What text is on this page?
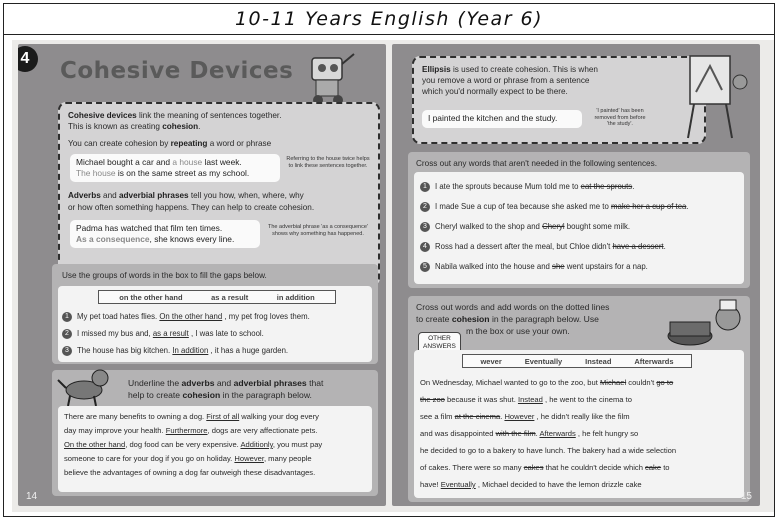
10-11 Years English (Year 6)
4	Cohesive Devices
Cohesive devices link the meaning of sentences together.
This is known as creating cohesion.
You can create cohesion by repeating a word or phrase
Michael bought a car and a house last week.
The house is on the same street as my school.
Referring to the house twice helps to link these sentences together.
Adverbs and adverbial phrases tell you how, when, where, why
or how often something happens. They can help to create cohesion.
Padma has watched that film ten times.
As a consequence, she knows every line.
The adverbial phrase 'as a consequence' shows why something has happened.
Use the groups of words in the box to fill the gaps below.
on the other hand	as a result	in addition
1 My pet toad hates flies. On the other hand , my pet frog loves them.
2 I missed my bus and, as a result , I was late to school.
3 The house has big kitchen. In addition , it has a huge garden.
Underline the adverbs and adverbial phrases that
help to create cohesion in the paragraph below.
There are many benefits to owning a dog. First of all walking your dog every
day may improve your health. Furthermore, dogs are very affectionate pets.
On the other hand, dog food can be very expensive. Additionly, you must pay
someone to care for your dog if you go on holiday. However, many people
believe the advantages of owning a dog far outweigh these disadvantages.
14
Ellipsis is used to create cohesion. This is when
you remove a word or phrase from a sentence
which you'd normally expect to be there.
I painted the kitchen and the study.
'I painted' has been removed from before 'the study'.
Cross out any words that aren't needed in the following sentences.
1 I ate the sprouts because Mum told me to eat the sprouts.
2 I made Sue a cup of tea because she asked me to make her a cup of tea.
3 Cheryl walked to the shop and Cheryl bought some milk.
4 Ross had a dessert after the meal, but Chloe didn't have a dessert.
5 Nabila walked into the house and she went upstairs for a nap.
Cross out words and add words on the dotted lines
to create cohesion in the paragraph below. Use
m the box or use your own.
OTHER
ANSWERS

wever	Eventually	Instead	Afterwards
On Wednesday, Michael wanted to go to the zoo, but Michael couldn't go to
the zoo because it was shut. Instead , he went to the cinema to
see a film at the cinema. However , he didn't really like the film
and was disappointed with the film. Afterwards , he felt hungry so
he decided to go to a bakery to have lunch. The bakery had a wide selection
of cakes. There were so many cakes that he couldn't decide which cake to
have! Eventually , Michael decided to have the lemon drizzle cake
15
